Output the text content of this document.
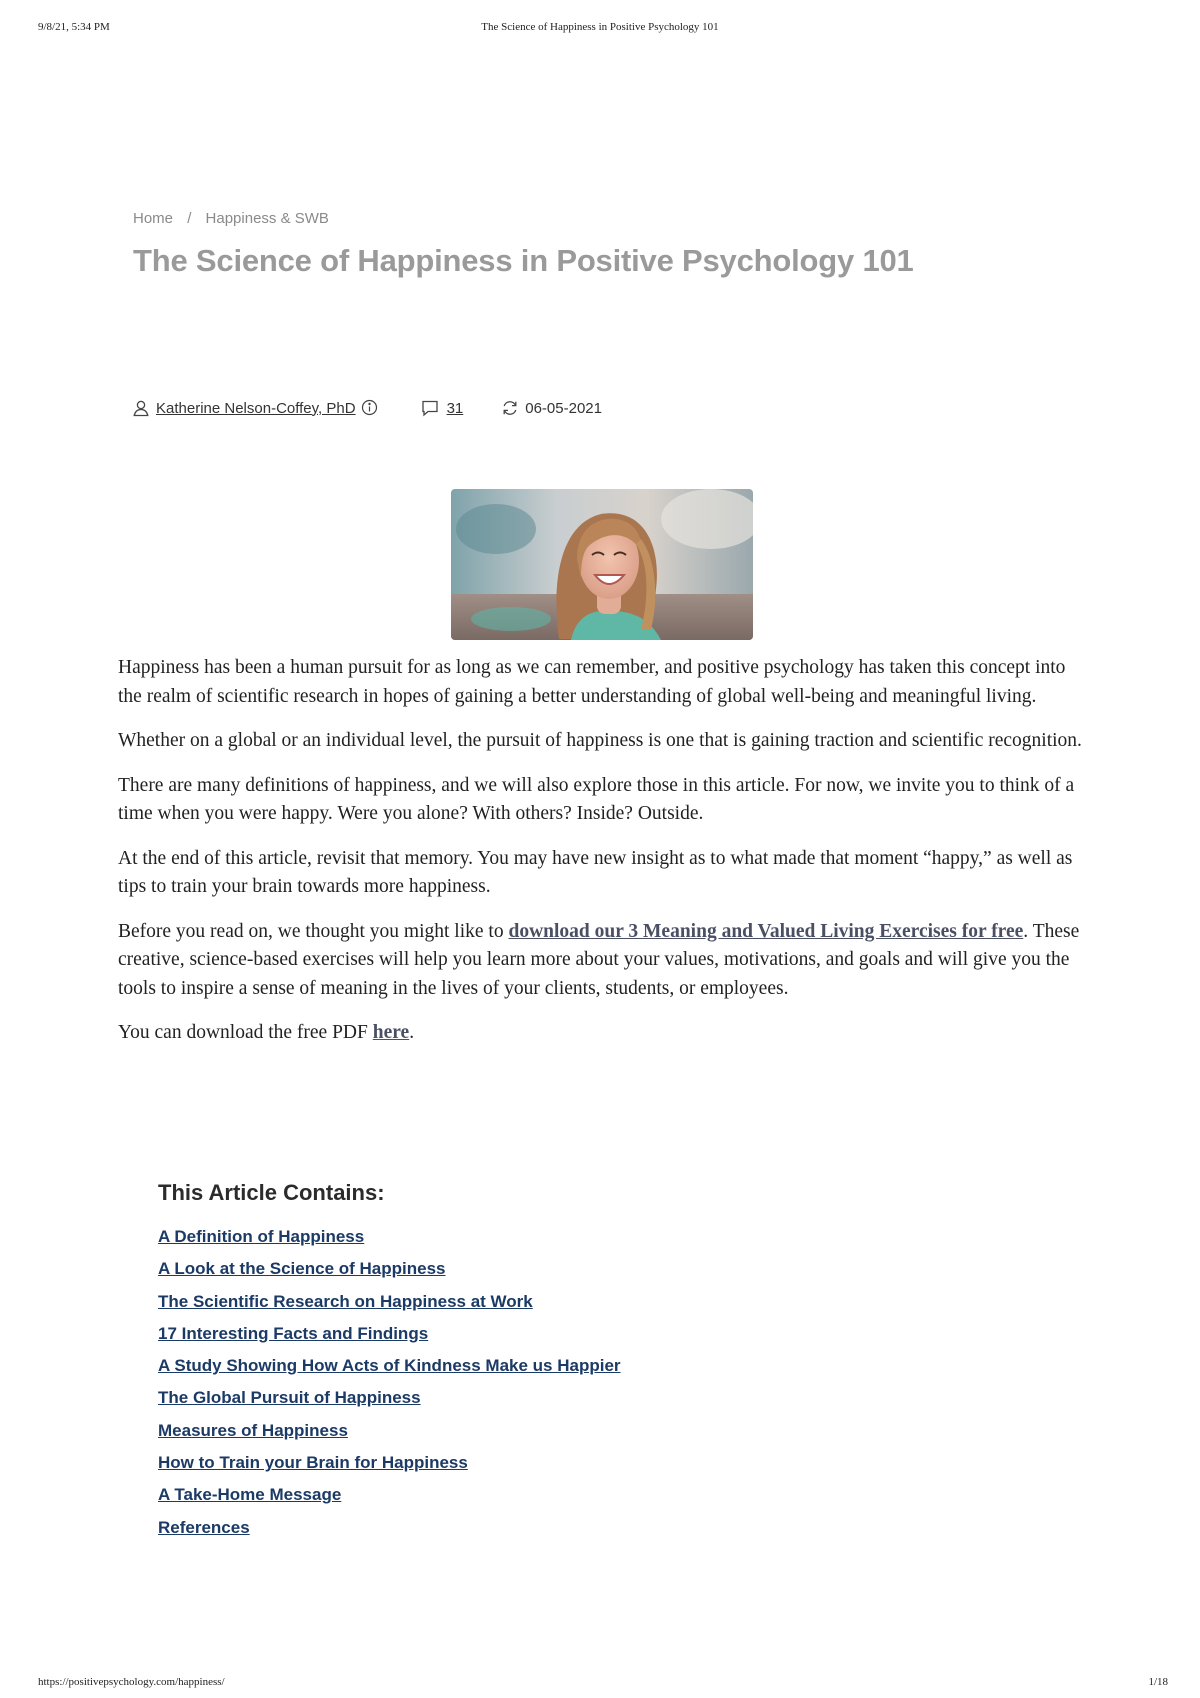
9/8/21, 5:34 PM	The Science of Happiness in Positive Psychology 101
Home / Happiness & SWB
The Science of Happiness in Positive Psychology 101
Katherine Nelson-Coffey, PhD	31	06-05-2021

Happiness has been a human pursuit for as long as we can remember, and positive psychology has taken this concept into the realm of scientific research in hopes of gaining a better understanding of global well-being and meaningful living.

Whether on a global or an individual level, the pursuit of happiness is one that is gaining traction and scientific recognition.

There are many definitions of happiness, and we will also explore those in this article. For now, we invite you to think of a time when you were happy. Were you alone? With others? Inside? Outside.

At the end of this article, revisit that memory. You may have new insight as to what made that moment “happy,” as well as tips to train your brain towards more happiness.

Before you read on, we thought you might like to download our 3 Meaning and Valued Living Exercises for free. These creative, science-based exercises will help you learn more about your values, motivations, and goals and will give you the tools to inspire a sense of meaning in the lives of your clients, students, or employees.

You can download the free PDF here.

This Article Contains:
A Definition of Happiness
A Look at the Science of Happiness
The Scientific Research on Happiness at Work
17 Interesting Facts and Findings
A Study Showing How Acts of Kindness Make us Happier
The Global Pursuit of Happiness
Measures of Happiness
How to Train your Brain for Happiness
A Take-Home Message
References
https://positivepsychology.com/happiness/	1/18
